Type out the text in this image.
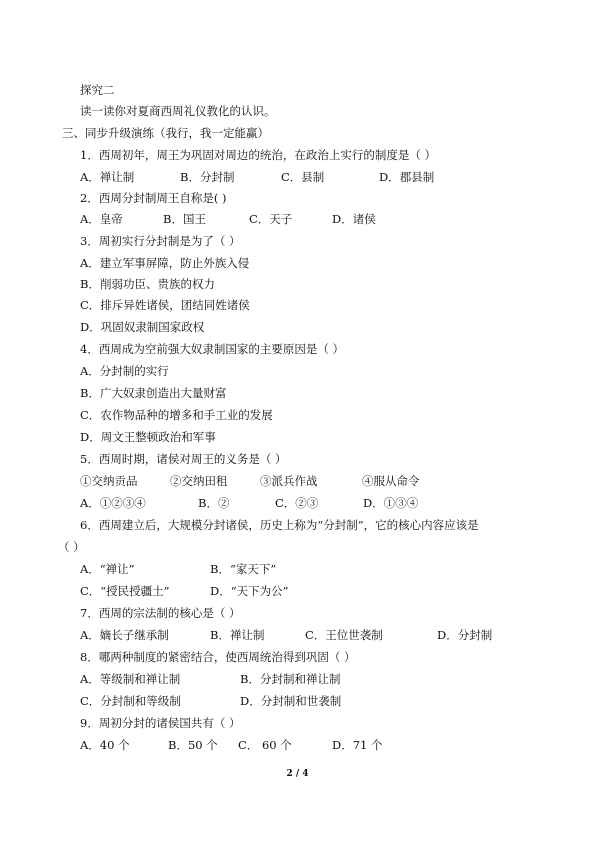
探究二
读一读你对夏商西周礼仪教化的认识。
三、同步升级演练（我行，我一定能赢）
1．西周初年，周王为巩固对周边的统治，在政治上实行的制度是（ ）
A．禅让制	B．分封制	C．县制	D．郡县制
2．西周分封制周王自称是( )
A．皇帝	B．国王	C．天子	D．诸侯
3．周初实行分封制是为了（ ）
A．建立军事屏障，防止外族入侵
B．削弱功臣、贵族的权力
C．排斥异姓诸侯，团结同姓诸侯
D．巩固奴隶制国家政权
4．西周成为空前强大奴隶制国家的主要原因是（ ）
A．分封制的实行
B．广大奴隶创造出大量财富
C．农作物品种的增多和手工业的发展
D．周文王整顿政治和军事
5．西周时期，诸侯对周王的义务是（ ）
①交纳贡品	②交纳田租	③派兵作战	④服从命令
A．①②③④	B．②	C．②③	D．①③④
6．西周建立后，大规模分封诸侯，历史上称为“分封制”，它的核心内容应该是
（ ）
A．“禅让”	B．“家天下”
C．“授民授疆土”	D．“天下为公”
7．西周的宗法制的核心是（ ）
A．嫡长子继承制	B．禅让制	C．王位世袭制	D．分封制
8．哪两种制度的紧密结合，使西周统治得到巩固（ ）
A．等级制和禅让制	B．分封制和禅让制
C．分封制和等级制	D．分封制和世袭制
9．周初分封的诸侯国共有（ ）
A．40 个	B．50 个	C． 60 个	D．71 个
2 / 4
